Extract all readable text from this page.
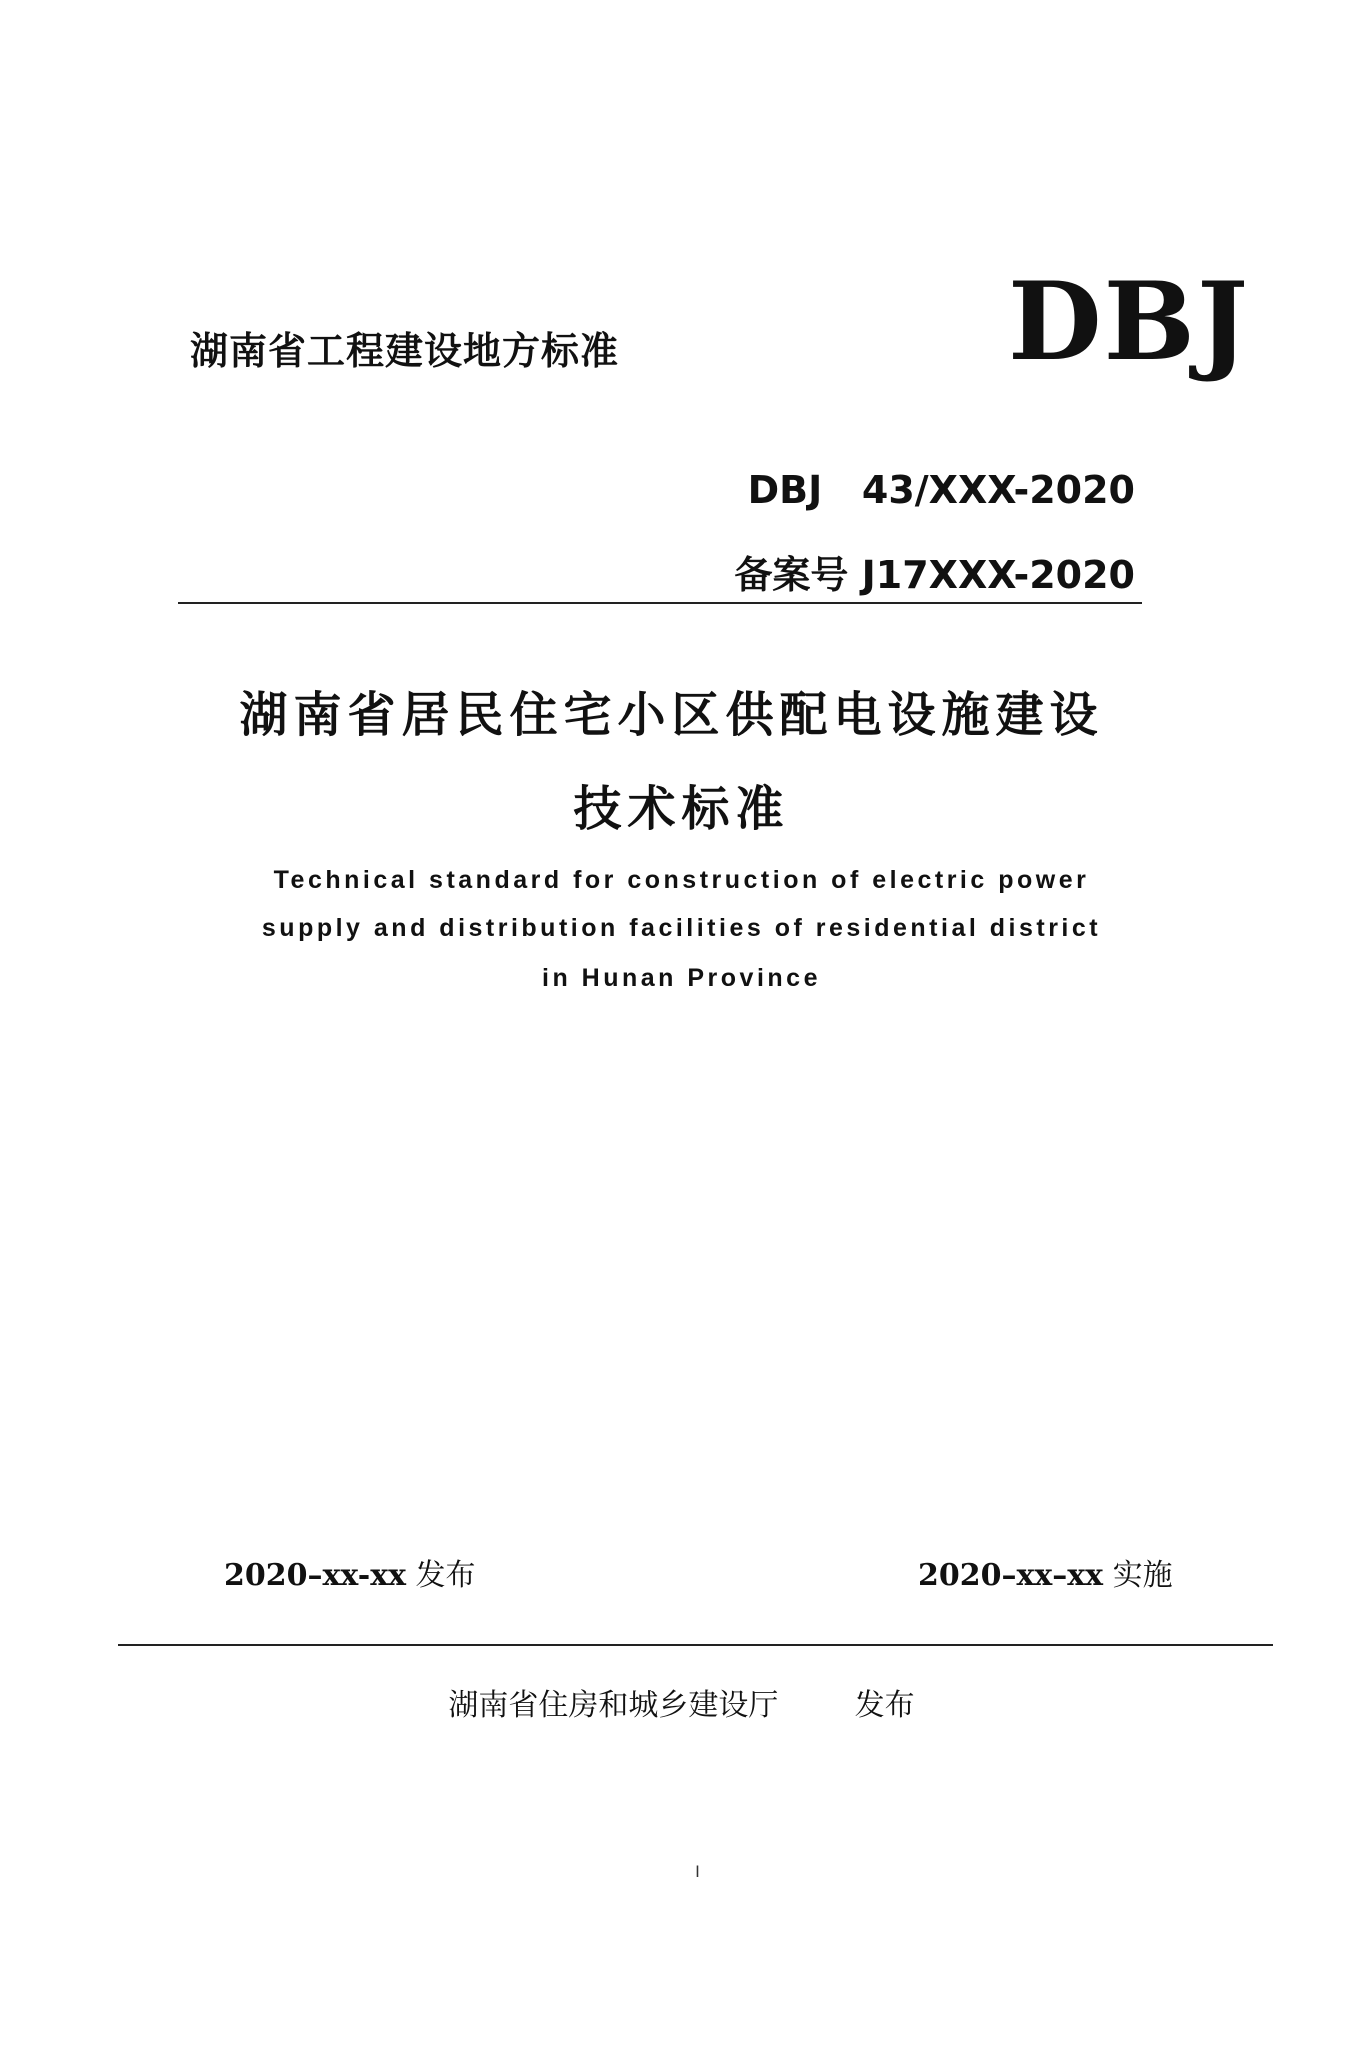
湖南省工程建设地方标准	DBJ
DBJ   43/XXX-2020
备案号 J17XXX-2020
湖南省居民住宅小区供配电设施建设
技术标准
Technical standard for construction of electric power
supply and distribution facilities of residential district
in Hunan Province
2020–xx-xx 发布	2020–xx–xx 实施
湖南省住房和城乡建设厅	发布
I
